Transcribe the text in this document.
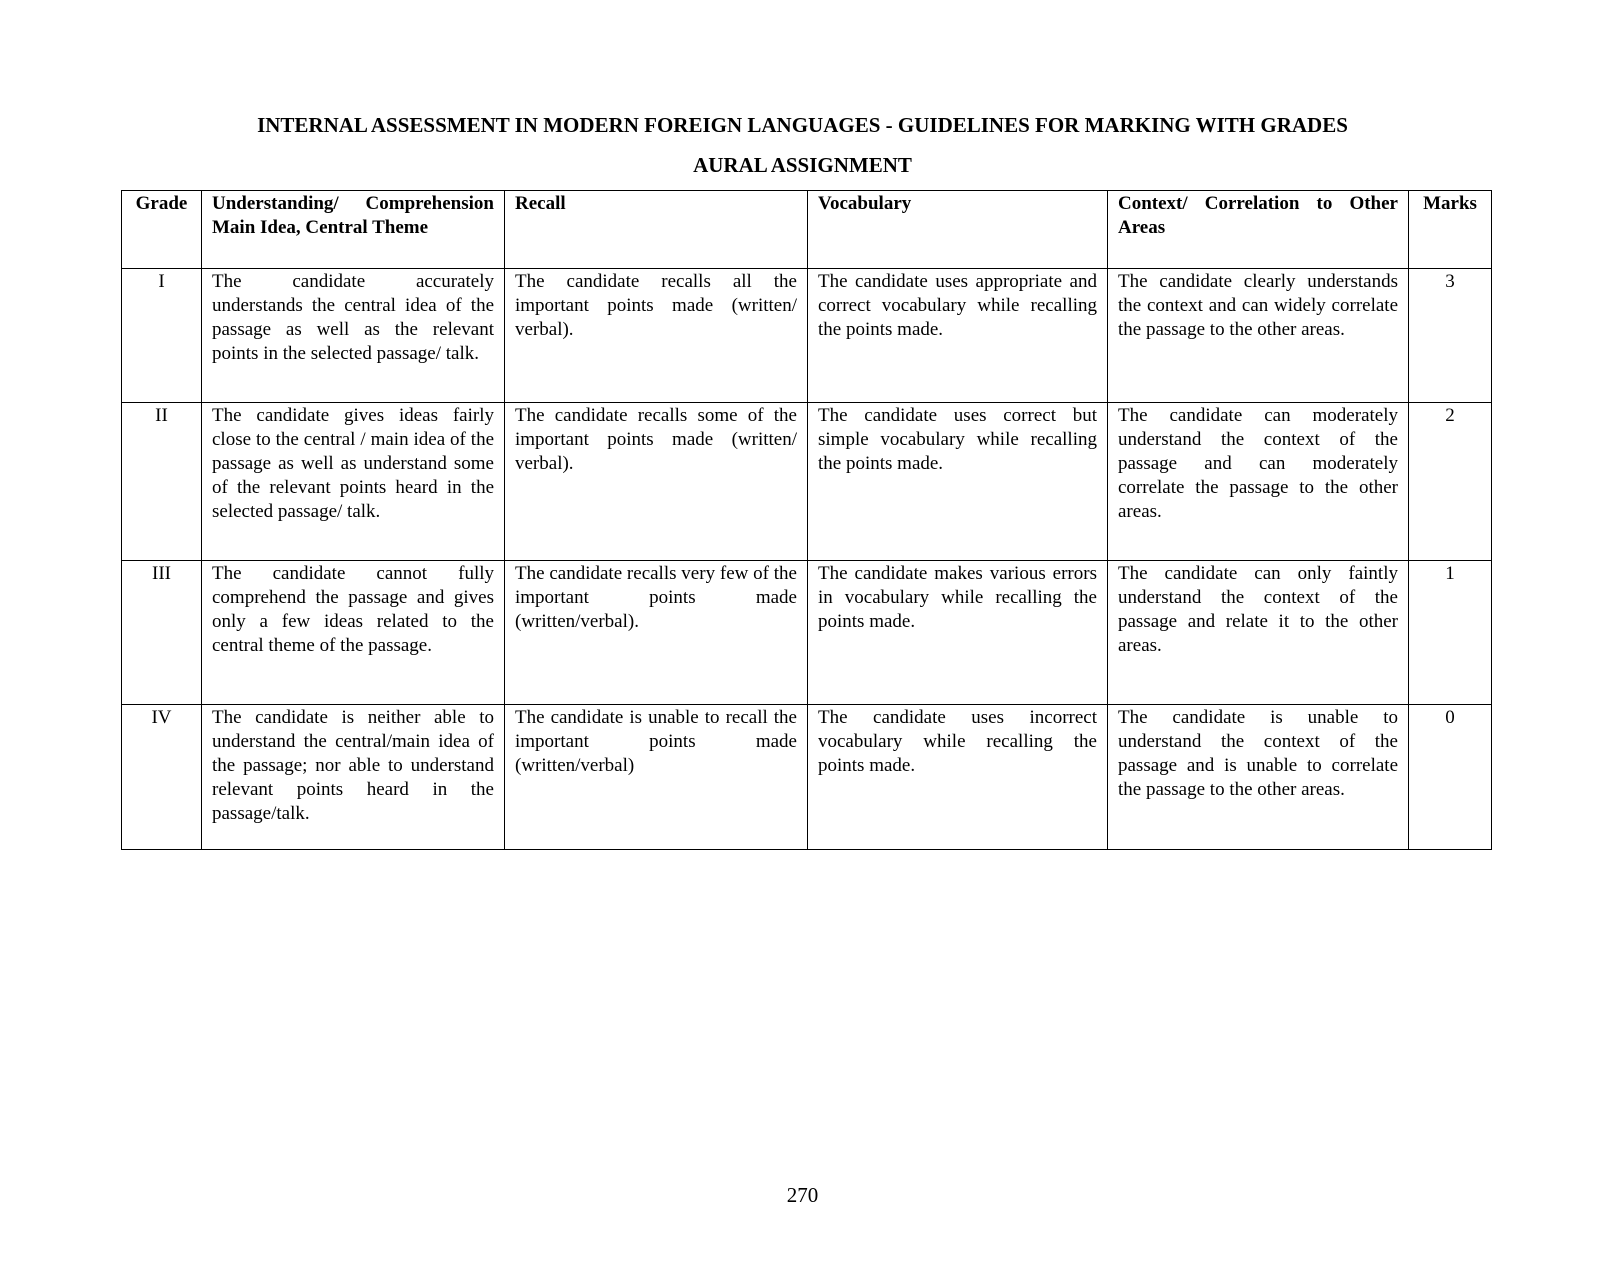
INTERNAL ASSESSMENT IN MODERN FOREIGN LANGUAGES - GUIDELINES FOR MARKING WITH GRADES
AURAL ASSIGNMENT
Grade	Understanding/ Comprehension Main Idea, Central Theme	Recall	Vocabulary	Context/ Correlation to Other Areas	Marks
I	The candidate accurately understands the central idea of the passage as well as the relevant points in the selected passage/ talk.	The candidate recalls all the important points made (written/ verbal).	The candidate uses appropriate and correct vocabulary while recalling the points made.	The candidate clearly understands the context and can widely correlate the passage to the other areas.	3
II	The candidate gives ideas fairly close to the central / main idea of the passage as well as understand some of the relevant points heard in the selected passage/ talk.	The candidate recalls some of the important points made (written/ verbal).	The candidate uses correct but simple vocabulary while recalling the points made.	The candidate can moderately understand the context of the passage and can moderately correlate the passage to the other areas.	2
III	The candidate cannot fully comprehend the passage and gives only a few ideas related to the central theme of the passage.	The candidate recalls very few of the important points made (written/verbal).	The candidate makes various errors in vocabulary while recalling the points made.	The candidate can only faintly understand the context of the passage and relate it to the other areas.	1
IV	The candidate is neither able to understand the central/main idea of the passage; nor able to understand relevant points heard in the passage/talk.	The candidate is unable to recall the important points made (written/verbal)	The candidate uses incorrect vocabulary while recalling the points made.	The candidate is unable to understand the context of the passage and is unable to correlate the passage to the other areas.	0
270
